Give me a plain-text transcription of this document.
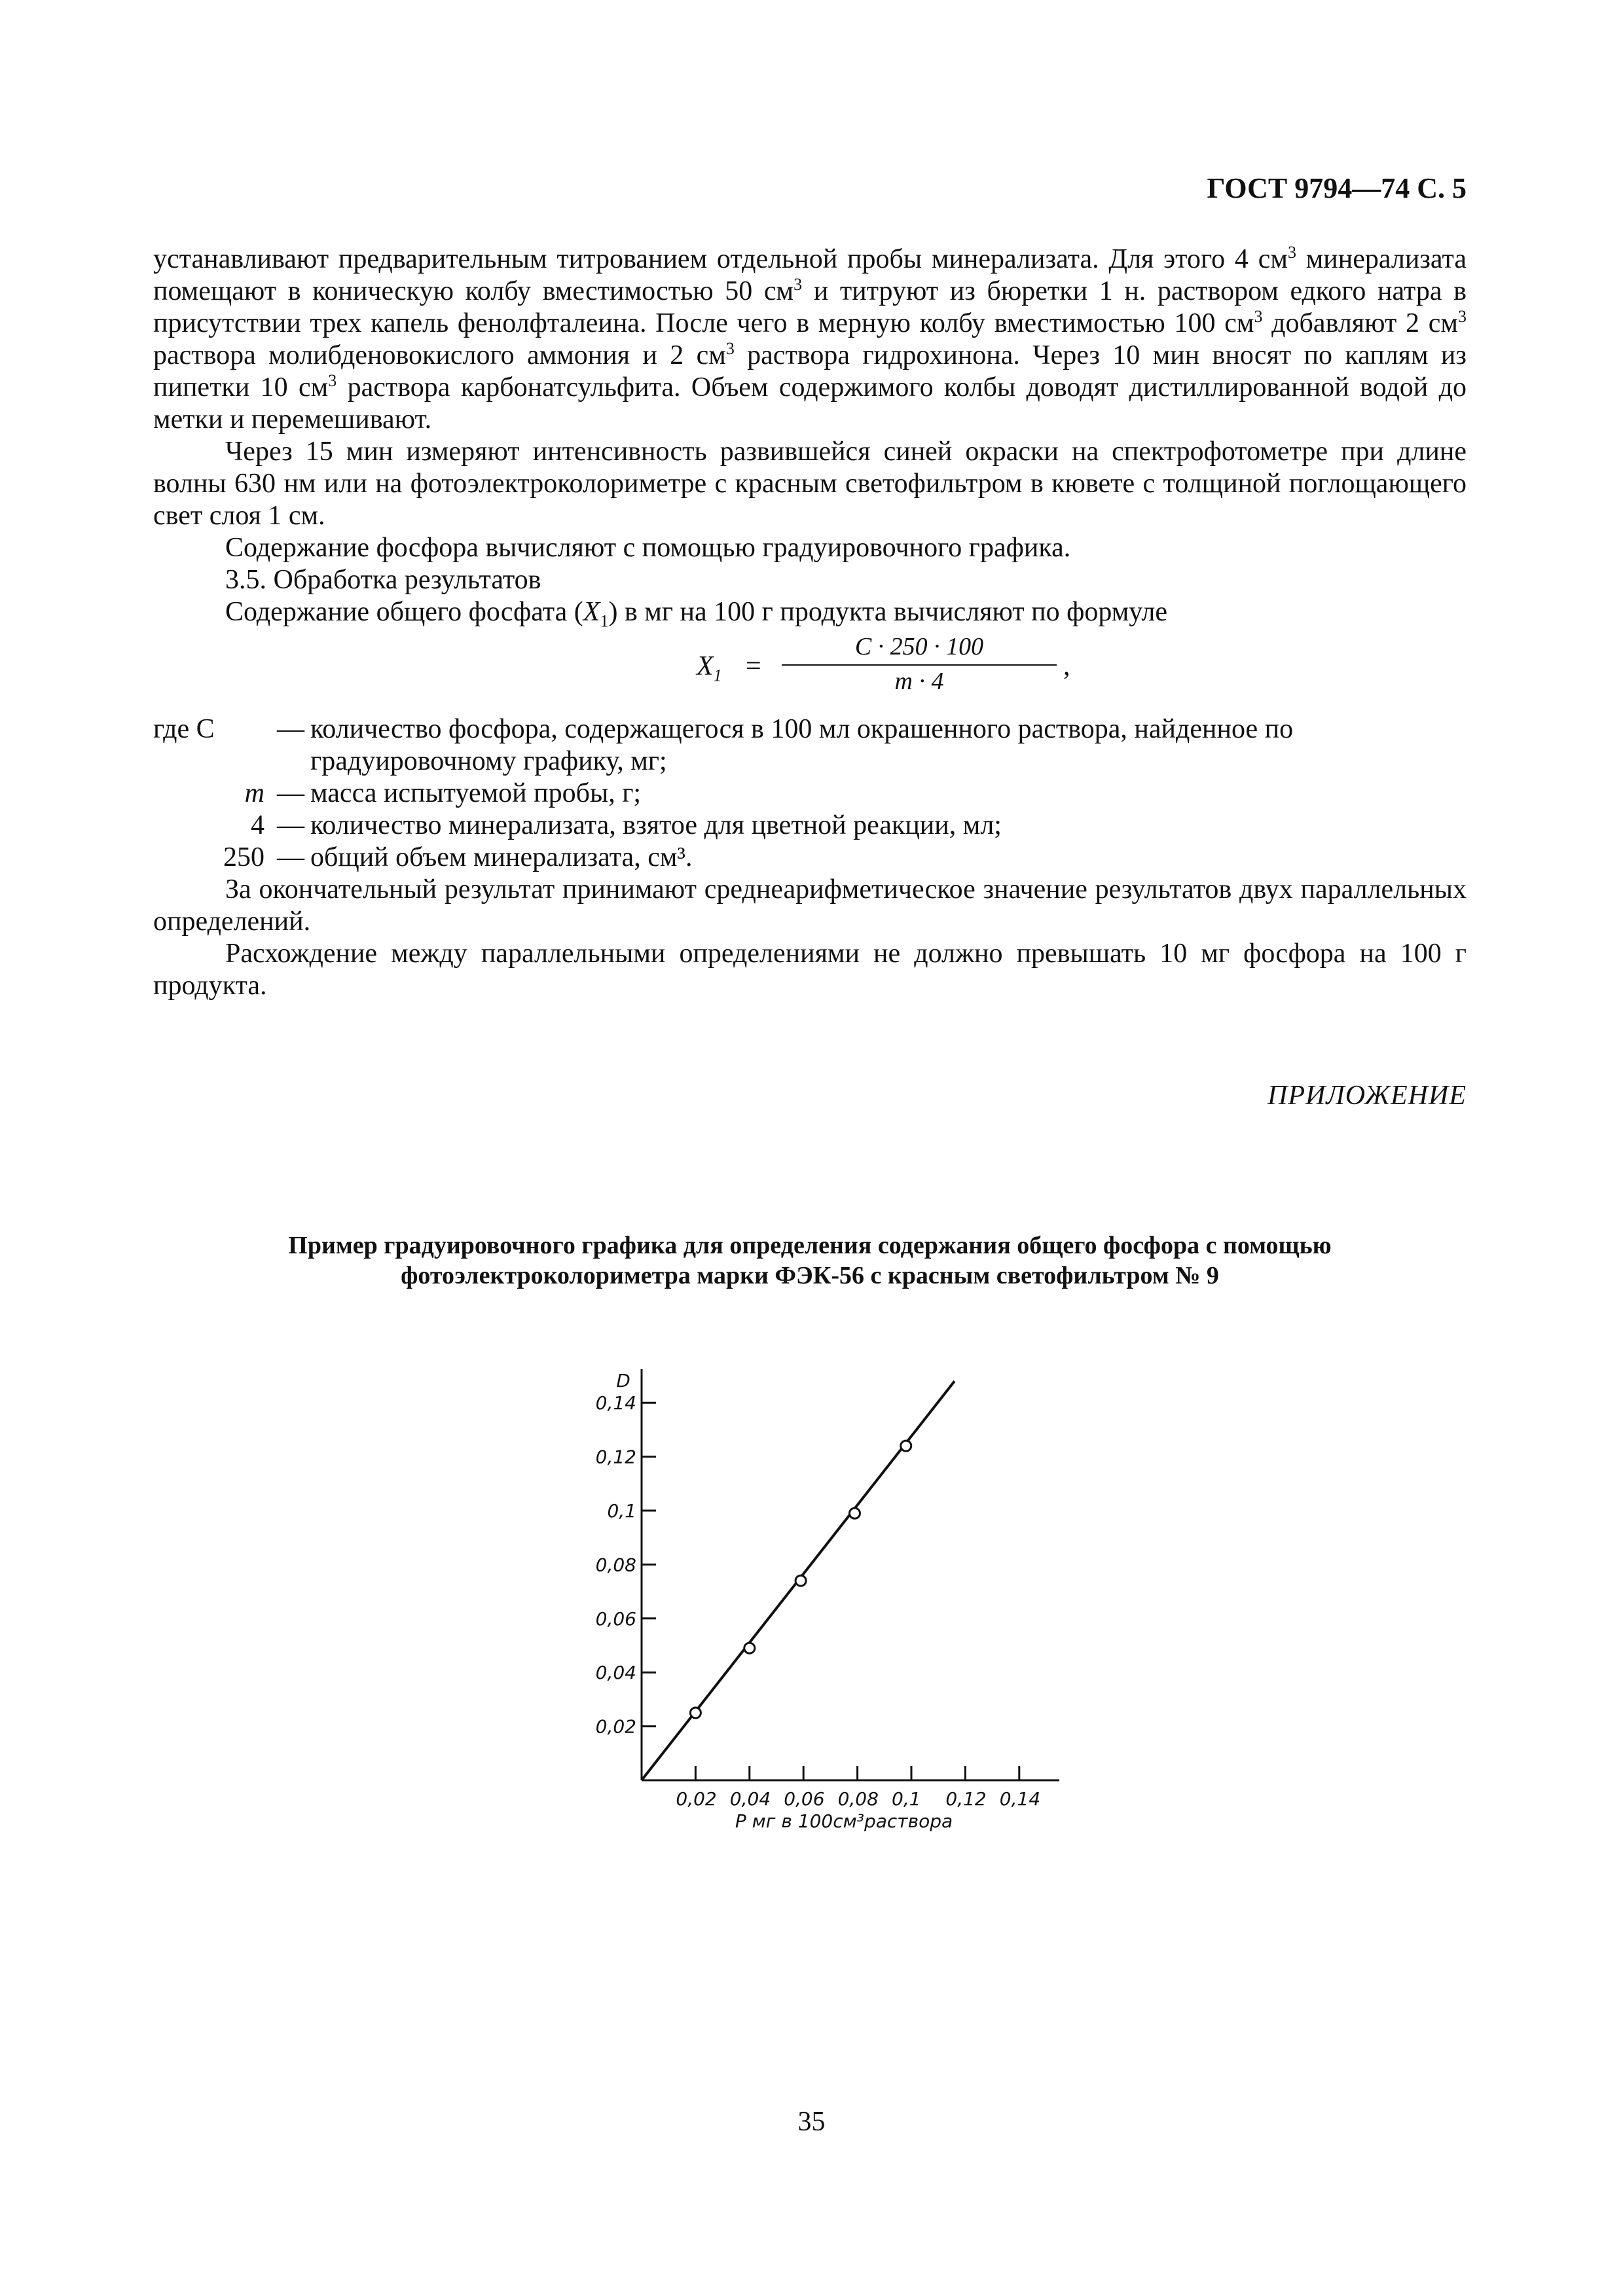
ГОСТ 9794—74 С. 5

устанавливают предварительным титрованием отдельной пробы минерализата. Для этого 4 $см^3$ минерализата помещают в коническую колбу вместимостью 50 $см^3$ и титруют из бюретки 1 н. раствором едкого натра в присутствии трех капель фенолфталеина. После чего в мерную колбу вместимостью 100 $см^3$ добавляют 2 $см^3$ раствора молибденовокислого аммония и 2 $см^3$ раствора гидрохинона. Через 10 мин вносят по каплям из пипетки 10 $см^3$ раствора карбонатсульфита. Объем содержимого колбы доводят дистиллированной водой до метки и перемешивают.

Через 15 мин измеряют интенсивность развившейся синей окраски на спектрофотометре при длине волны 630 нм или на фотоэлектроколориметре с красным светофильтром в кювете с толщиной поглощающего свет слоя 1 см.

Содержание фосфора вычисляют с помощью градуировочного графика.

3.5. Обработка результатов

Содержание общего фосфата $(X_1)$ в мг на 100 г продукта вычисляют по формуле

$X_1 = \frac{C \cdot 250 \cdot 100}{m \cdot 4}$ ,
где C	— количество фосфора, содержащегося в 100 мл окрашенного раствора, найденное по градуировочному графику, мг;
m — масса испытуемой пробы, г;
4 — количество минерализата, взятое для цветной реакции, мл;
250 — общий объем минерализата, см³.

За окончательный результат принимают среднеарифметическое значение результатов двух параллельных определений.

Расхождение между параллельными определениями не должно превышать 10 мг фосфора на 100 г продукта.

ПРИЛОЖЕНИЕ
Пример градуировочного графика для определения содержания общего фосфора с помощью
фотоэлектроколориметра марки ФЭК-56 с красным светофильтром № 9
0,02 0,04 0,06 0,08 0,1 0,12 0,14
0,02
0,04
0,06
0,08
0,1
0,12
0,14
D
P мг в 100см³раствора
35
